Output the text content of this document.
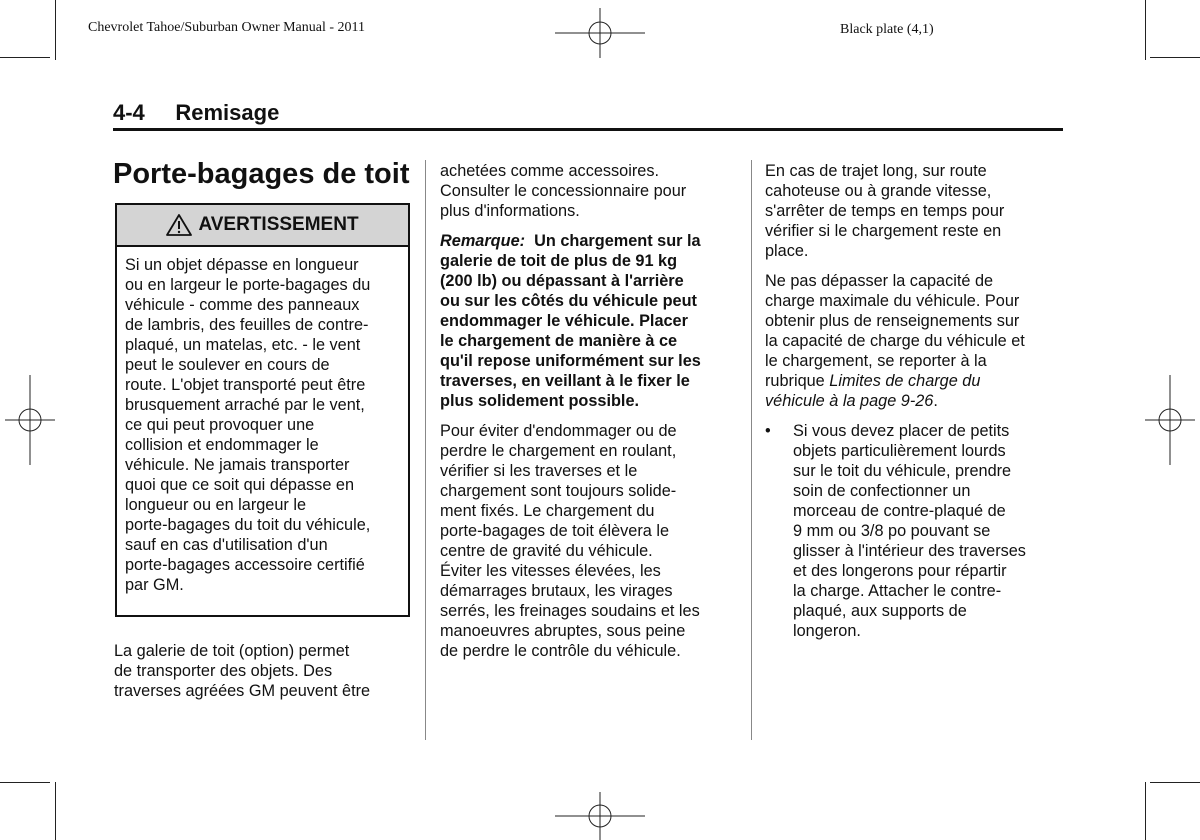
Chevrolet Tahoe/Suburban Owner Manual - 2011	Black plate (4,1)
4-4 Remisage
Porte-bagages de toit
AVERTISSEMENT
Si un objet dépasse en longueur
ou en largeur le porte-bagages du
véhicule - comme des panneaux
de lambris, des feuilles de contre-
plaqué, un matelas, etc. - le vent
peut le soulever en cours de
route. L'objet transporté peut être
brusquement arraché par le vent,
ce qui peut provoquer une
collision et endommager le
véhicule. Ne jamais transporter
quoi que ce soit qui dépasse en
longueur ou en largeur le
porte-bagages du toit du véhicule,
sauf en cas d'utilisation d'un
porte-bagages accessoire certifié
par GM.

La galerie de toit (option) permet
de transporter des objets. Des
traverses agréées GM peuvent être

achetées comme accessoires.
Consulter le concessionnaire pour
plus d'informations.

Remarque: Un chargement sur la
galerie de toit de plus de 91 kg
(200 lb) ou dépassant à l'arrière
ou sur les côtés du véhicule peut
endommager le véhicule. Placer
le chargement de manière à ce
qu'il repose uniformément sur les
traverses, en veillant à le fixer le
plus solidement possible.

Pour éviter d'endommager ou de
perdre le chargement en roulant,
vérifier si les traverses et le
chargement sont toujours solide-
ment fixés. Le chargement du
porte-bagages de toit élèvera le
centre de gravité du véhicule.
Éviter les vitesses élevées, les
démarrages brutaux, les virages
serrés, les freinages soudains et les
manoeuvres abruptes, sous peine
de perdre le contrôle du véhicule.

En cas de trajet long, sur route
cahoteuse ou à grande vitesse,
s'arrêter de temps en temps pour
vérifier si le chargement reste en
place.

Ne pas dépasser la capacité de
charge maximale du véhicule. Pour
obtenir plus de renseignements sur
la capacité de charge du véhicule et
le chargement, se reporter à la
rubrique Limites de charge du
véhicule à la page 9-26.

•	Si vous devez placer de petits
objets particulièrement lourds
sur le toit du véhicule, prendre
soin de confectionner un
morceau de contre-plaqué de
9 mm ou 3/8 po pouvant se
glisser à l'intérieur des traverses
et des longerons pour répartir
la charge. Attacher le contre-
plaqué, aux supports de
longeron.
